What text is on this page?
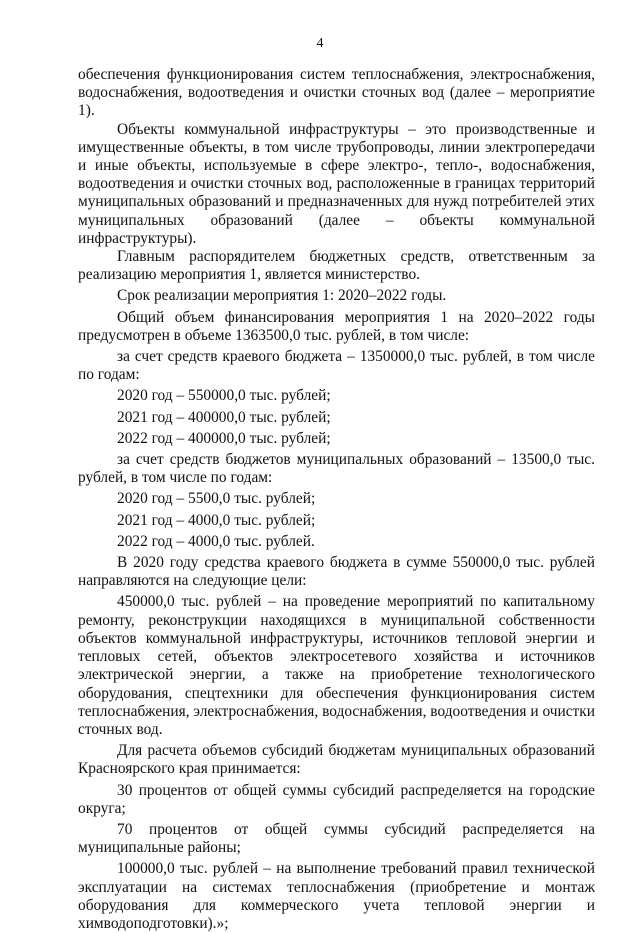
4

обеспечения функционирования систем теплоснабжения, электроснабжения, водоснабжения, водоотведения и очистки сточных вод (далее – мероприятие 1).

Объекты коммунальной инфраструктуры – это производственные и имущественные объекты, в том числе трубопроводы, линии электропередачи и иные объекты, используемые в сфере электро-, тепло-, водоснабжения, водоотведения и очистки сточных вод, расположенные в границах территорий муниципальных образований и предназначенных для нужд потребителей этих муниципальных образований (далее – объекты коммунальной инфраструктуры).

Главным распорядителем бюджетных средств, ответственным за реализацию мероприятия 1, является министерство.

Срок реализации мероприятия 1: 2020–2022 годы.

Общий объем финансирования мероприятия 1 на 2020–2022 годы предусмотрен в объеме 1363500,0 тыс. рублей, в том числе:

за счет средств краевого бюджета – 1350000,0 тыс. рублей, в том числе по годам:

2020 год – 550000,0 тыс. рублей;

2021 год – 400000,0 тыс. рублей;

2022 год – 400000,0 тыс. рублей;

за счет средств бюджетов муниципальных образований – 13500,0 тыс. рублей, в том числе по годам:

2020 год – 5500,0 тыс. рублей;

2021 год – 4000,0 тыс. рублей;

2022 год – 4000,0 тыс. рублей.

В 2020 году средства краевого бюджета в сумме 550000,0 тыс. рублей направляются на следующие цели:

450000,0 тыс. рублей – на проведение мероприятий по капитальному ремонту, реконструкции находящихся в муниципальной собственности объектов коммунальной инфраструктуры, источников тепловой энергии и тепловых сетей, объектов электросетевого хозяйства и источников электрической энергии, а также на приобретение технологического оборудования, спецтехники для обеспечения функционирования систем теплоснабжения, электроснабжения, водоснабжения, водоотведения и очистки сточных вод.

Для расчета объемов субсидий бюджетам муниципальных образований Красноярского края принимается:

30 процентов от общей суммы субсидий распределяется на городские округа;

70 процентов от общей суммы субсидий распределяется на муниципальные районы;

100000,0 тыс. рублей – на выполнение требований правил технической эксплуатации на системах теплоснабжения (приобретение и монтаж оборудования для коммерческого учета тепловой энергии и химводоподготовки).»;
